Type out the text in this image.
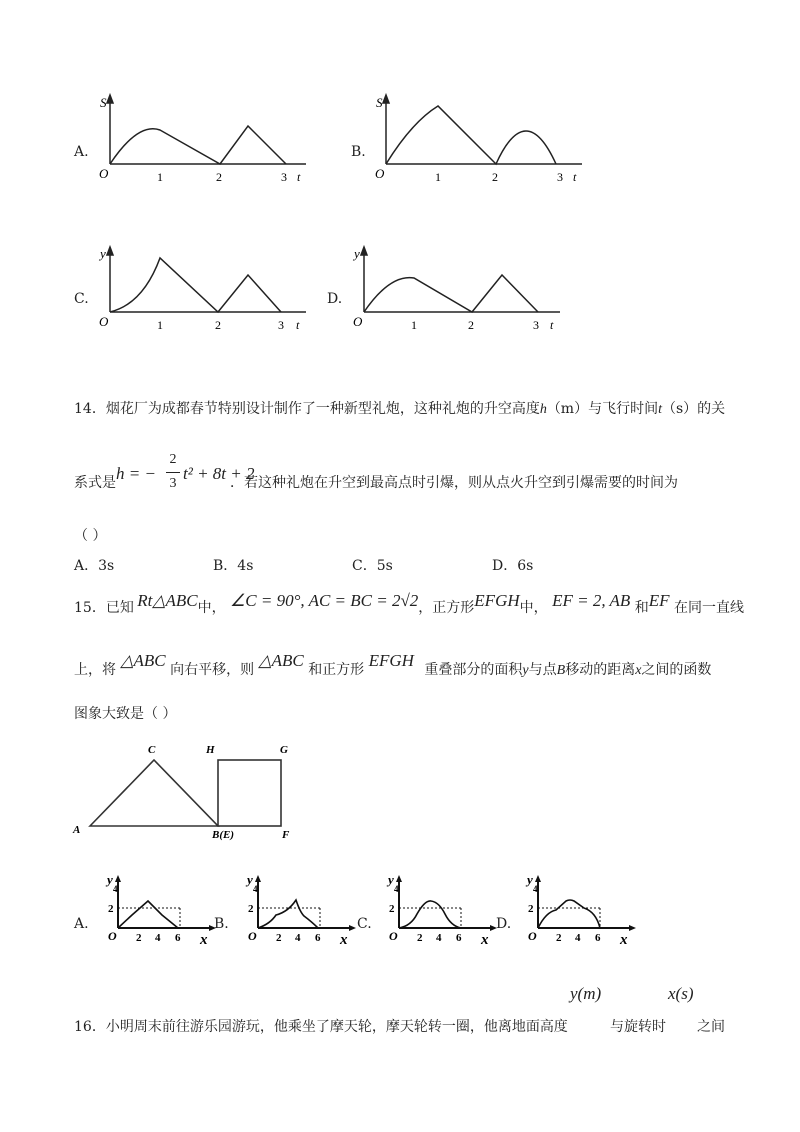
A.
S
O	1	2	3 t
B.
S
O	1	2	3 t
C.
y
O	1	2	3 t
D.
y
O	1	2	3 t
14．烟花厂为成都春节特别设计制作了一种新型礼炮，这种礼炮的升空高度h（m）与飞行时间t（s）的关
系式是 h = −
2
3
t² + 8t + 2
．若这种礼炮在升空到最高点时引爆，则从点火升空到引爆需要的时间为
（ ）
A．3s	B．4s	C．5s	D．6s
15．已知 Rt△ABC中， ∠C = 90°, AC = BC = 2√2，正方形EFGH中， EF = 2, AB 和EF 在同一直线
上，将 △ABC 向右平移，则 △ABC 和正方形 EFGH 重叠部分的面积y与点B移动的距离x之间的函数
图象大致是（ ）
A
C	H	G
B(E)	F
A.
y
4
2
O 2 4 6 x
B.
y
4
2
O 2 4 6 x
C.
y
4
2
O 2 4 6 x
D.
y
4
2
O 2 4 6 x
16．小明周末前往游乐园游玩，他乘坐了摩天轮，摩天轮转一圈，他离地面高度
y(m)
与旋转时
x(s)
之间
